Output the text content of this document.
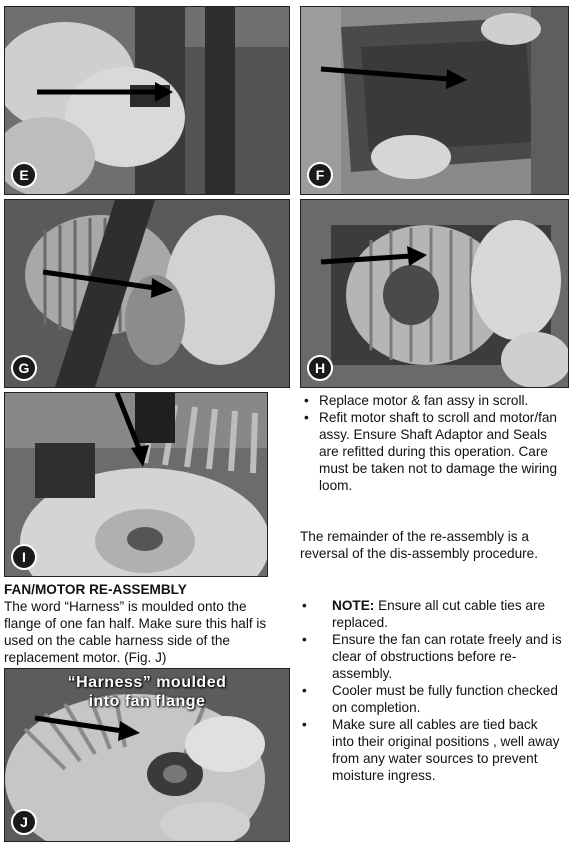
E	F
G	H
I
“Harness” moulded
into fan flange
J
• Replace motor & fan assy in scroll.
• Refit motor shaft to scroll and motor/fan assy. Ensure Shaft Adaptor and Seals are refitted during this operation. Care must be taken not to damage the wiring loom.
The remainder of the re-assembly is a reversal of the dis-assembly procedure.
• NOTE: Ensure all cut cable ties are replaced.
• Ensure the fan can rotate freely and is clear of obstructions before re-assembly.
• Cooler must be fully function checked on completion.
• Make sure all cables are tied back into their original positions , well away from any water sources to prevent moisture ingress.
FAN/MOTOR RE-ASSEMBLY
The word “Harness” is moulded onto the flange of one fan half. Make sure this half is used on the cable harness side of the replacement motor. (Fig. J)
